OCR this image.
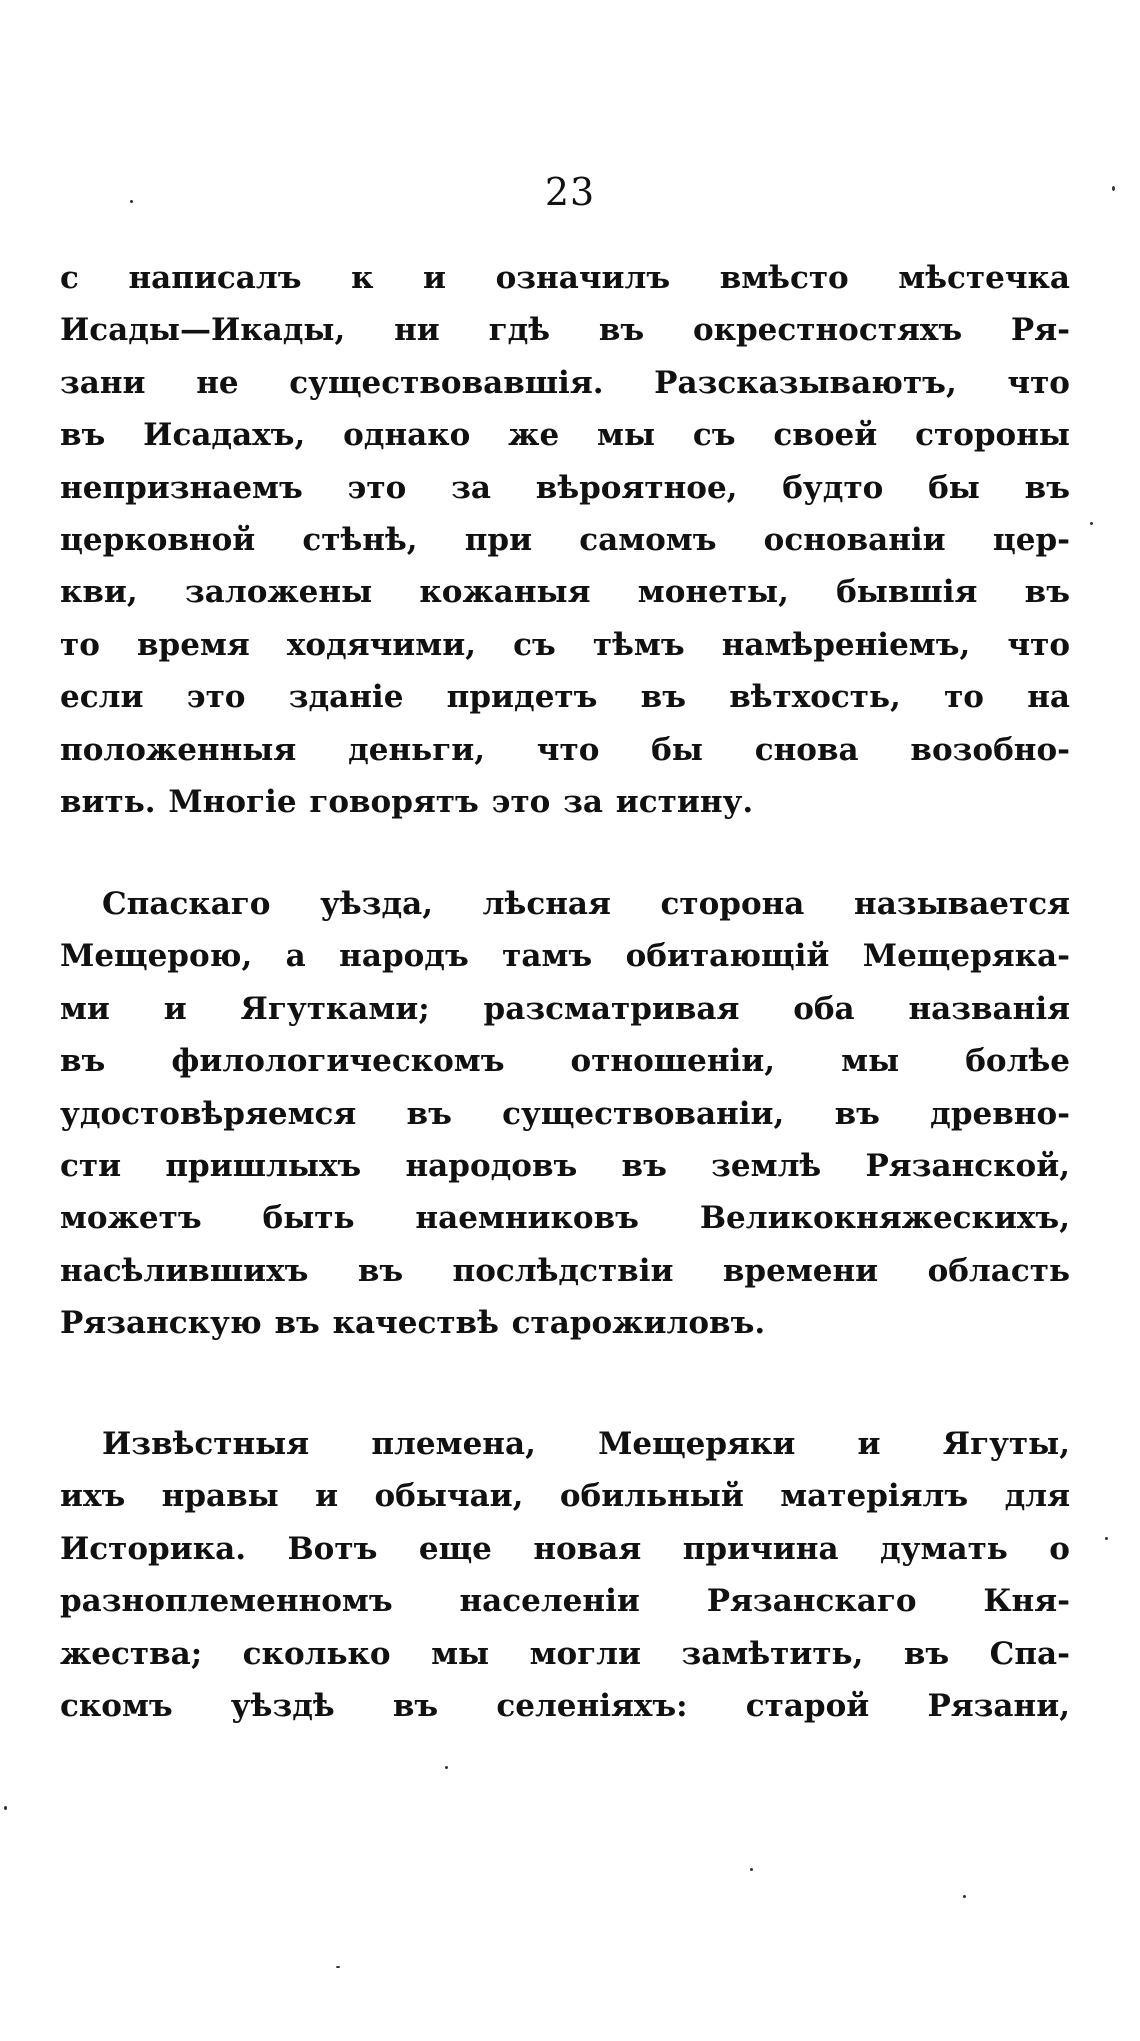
23
с написалъ к и означилъ вмѣсто мѣстечка
Исады—Икады, ни гдѣ въ окрестностяхъ Ря-
зани не существовавшія. Разсказываютъ, что
въ Исадахъ, однако же мы съ своей стороны
непризнаемъ это за вѣроятное, будто бы въ
церковной стѣнѣ, при самомъ основаніи цер-
кви, заложены кожаныя монеты, бывшія въ
то время ходячими, съ тѣмъ намѣреніемъ, что
если это зданіе придетъ въ вѣтхость, то на
положенныя деньги, что бы снова возобно-
вить. Многіе говорятъ это за истину.
Спаскаго уѣзда, лѣсная сторона называется
Мещерою, а народъ тамъ обитающій Мещеряка-
ми и Ягутками; разсматривая оба названія
въ филологическомъ отношеніи, мы болѣе
удостовѣряемся въ существованіи, въ древно-
сти пришлыхъ народовъ въ землѣ Рязанской,
можетъ быть наемниковъ Великокняжескихъ,
насѣлившихъ въ послѣдствіи времени область
Рязанскую въ качествѣ старожиловъ.
Извѣстныя племена, Мещеряки и Ягуты,
ихъ нравы и обычаи, обильный матеріялъ для
Историка. Вотъ еще новая причина думать о
разноплеменномъ населеніи Рязанскаго Кня-
жества; сколько мы могли замѣтить, въ Спа-
скомъ уѣздѣ въ селеніяхъ: старой Рязани,
